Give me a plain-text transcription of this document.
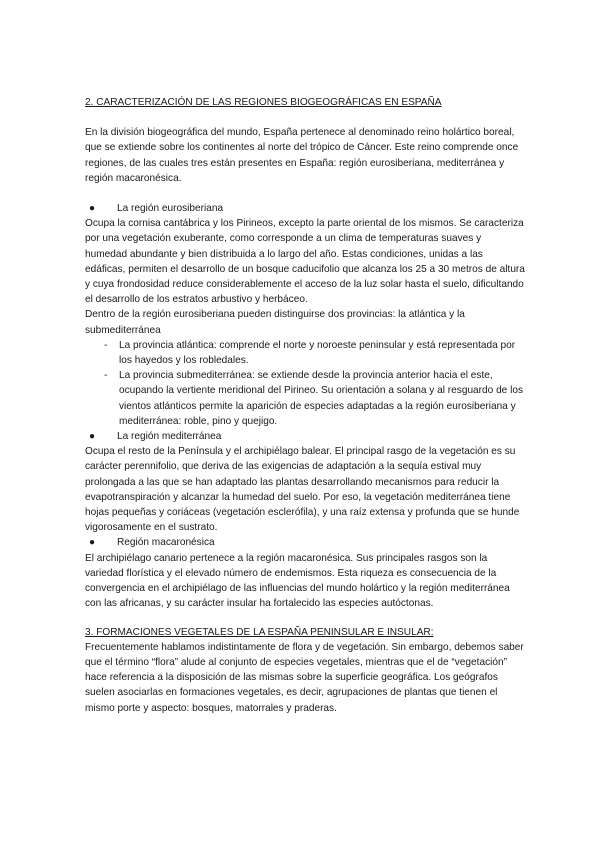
2. CARACTERIZACIÓN DE LAS REGIONES BIOGEOGRÁFICAS EN ESPAÑA

En la división biogeográfica del mundo, España pertenece al denominado reino holártico boreal, que se extiende sobre los continentes al norte del trópico de Cáncer. Este reino comprende once regiones, de las cuales tres están presentes en España: región eurosiberiana, mediterránea y región macaronésica.

● La región eurosiberiana

Ocupa la cornisa cantábrica y los Pirineos, excepto la parte oriental de los mismos. Se caracteriza por una vegetación exuberante, como corresponde a un clima de temperaturas suaves y humedad abundante y bien distribuida a lo largo del año. Estas condiciones, unidas a las edáficas, permiten el desarrollo de un bosque caducifolio que alcanza los 25 a 30 metros de altura y cuya frondosidad reduce considerablemente el acceso de la luz solar hasta el suelo, dificultando el desarrollo de los estratos arbustivo y herbáceo.

Dentro de la región eurosiberiana pueden distinguirse dos provincias: la atlántica y la submediterránea

- La provincia atlántica: comprende el norte y noroeste peninsular y está representada por los hayedos y los robledales.

- La provincia submediterránea: se extiende desde la provincia anterior hacia el este, ocupando la vertiente meridional del Pirineo. Su orientación a solana y al resguardo de los vientos atlánticos permite la aparición de especies adaptadas a la región eurosiberiana y mediterránea: roble, pino y quejigo.

● La región mediterránea

Ocupa el resto de la Península y el archipiélago balear. El principal rasgo de la vegetación es su carácter perennifolio, que deriva de las exigencias de adaptación a la sequía estival muy prolongada a las que se han adaptado las plantas desarrollando mecanismos para reducir la evapotranspiración y alcanzar la humedad del suelo. Por eso, la vegetación mediterránea tiene hojas pequeñas y coriáceas (vegetación esclerófila), y una raíz extensa y profunda que se hunde vigorosamente en el sustrato.

● Región macaronésica

El archipiélago canario pertenece a la región macaronésica. Sus principales rasgos son la variedad florística y el elevado número de endemismos. Esta riqueza es consecuencia de la convergencia en el archipiélago de las influencias del mundo holártico y la región mediterránea con las africanas, y su carácter insular ha fortalecido las especies autóctonas.

3. FORMACIONES VEGETALES DE LA ESPAÑA PENINSULAR E INSULAR:

Frecuentemente hablamos indistintamente de flora y de vegetación. Sin embargo, debemos saber que el término “flora” alude al conjunto de especies vegetales, mientras que el de “vegetación” hace referencia a la disposición de las mismas sobre la superficie geográfica. Los geógrafos suelen asociarlas en formaciones vegetales, es decir, agrupaciones de plantas que tienen el mismo porte y aspecto: bosques, matorrales y praderas.
